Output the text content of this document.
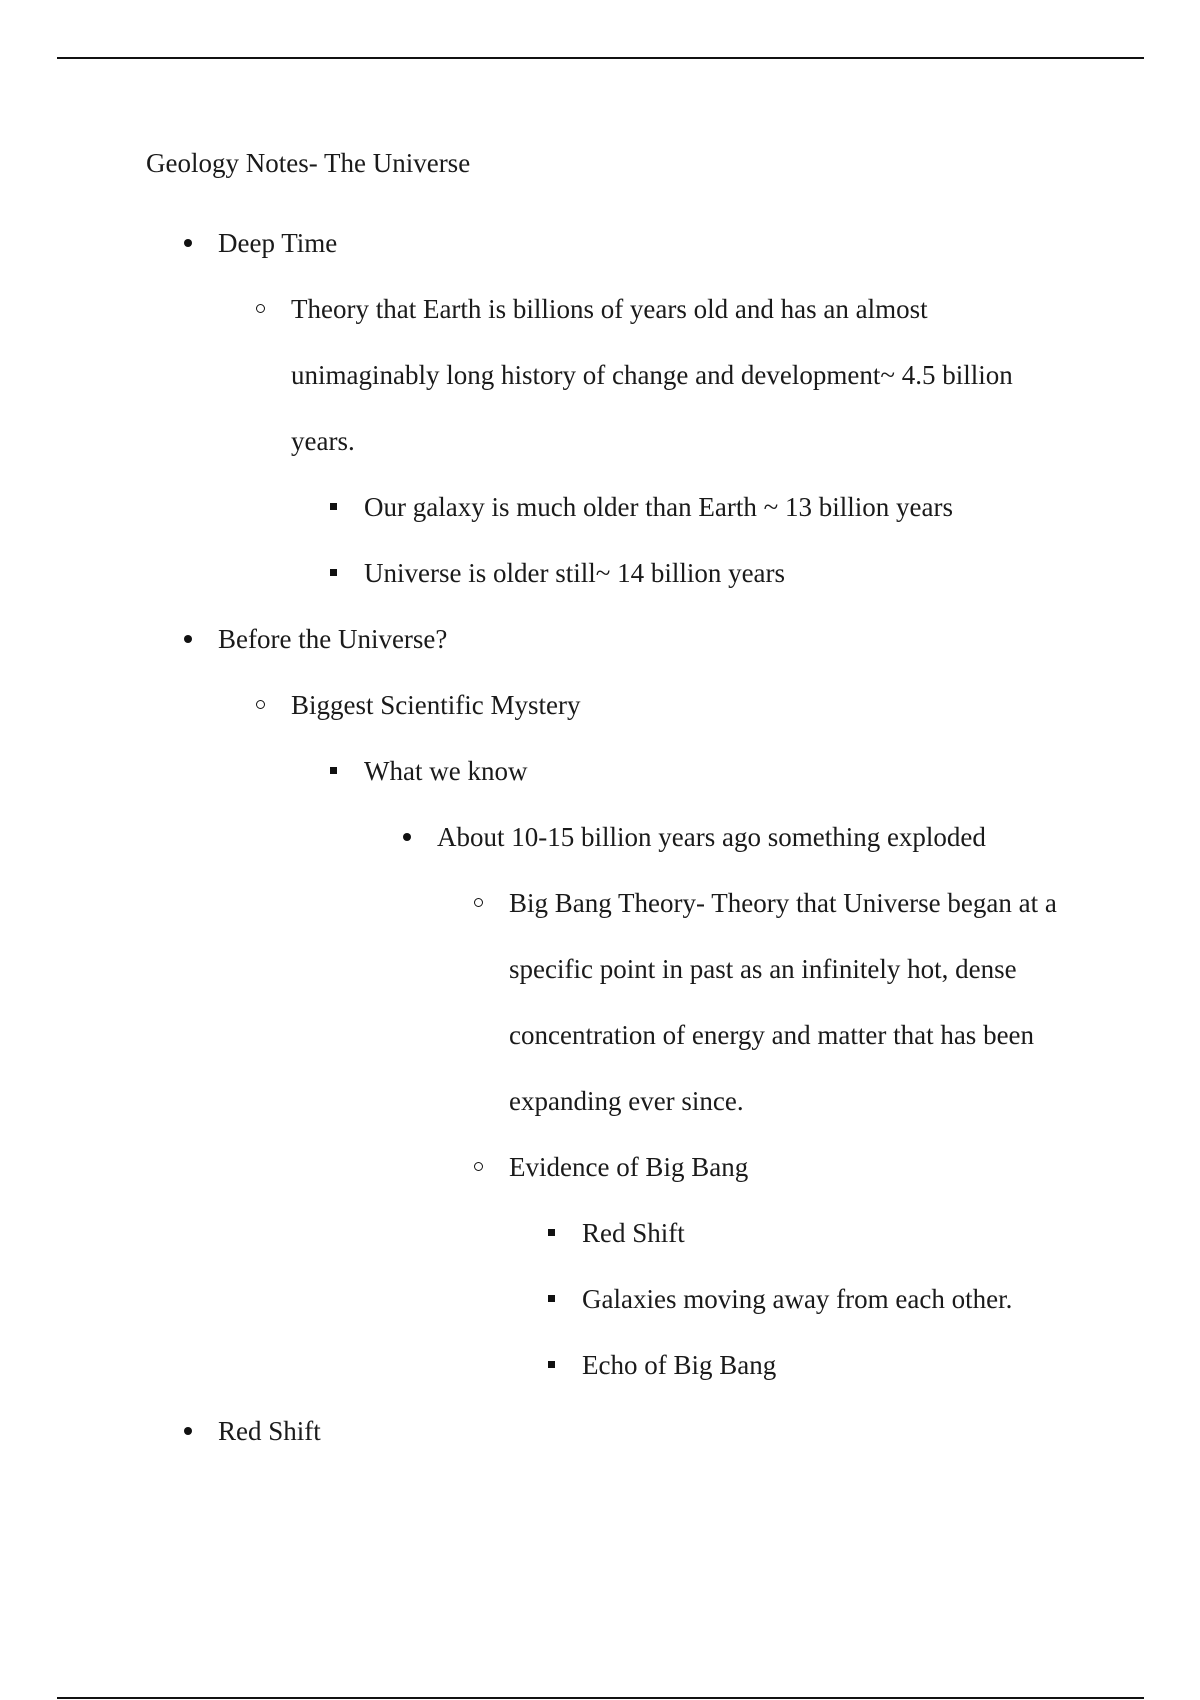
Geology Notes- The Universe
Deep Time
Theory that Earth is billions of years old and has an almost unimaginably long history of change and development~ 4.5 billion years.
Our galaxy is much older than Earth ~ 13 billion years
Universe is older still~ 14 billion years
Before the Universe?
Biggest Scientific Mystery
What we know
About 10-15 billion years ago something exploded
Big Bang Theory- Theory that Universe began at a specific point in past as an infinitely hot, dense concentration of energy and matter that has been expanding ever since.
Evidence of Big Bang
Red Shift
Galaxies moving away from each other.
Echo of Big Bang
Red Shift
